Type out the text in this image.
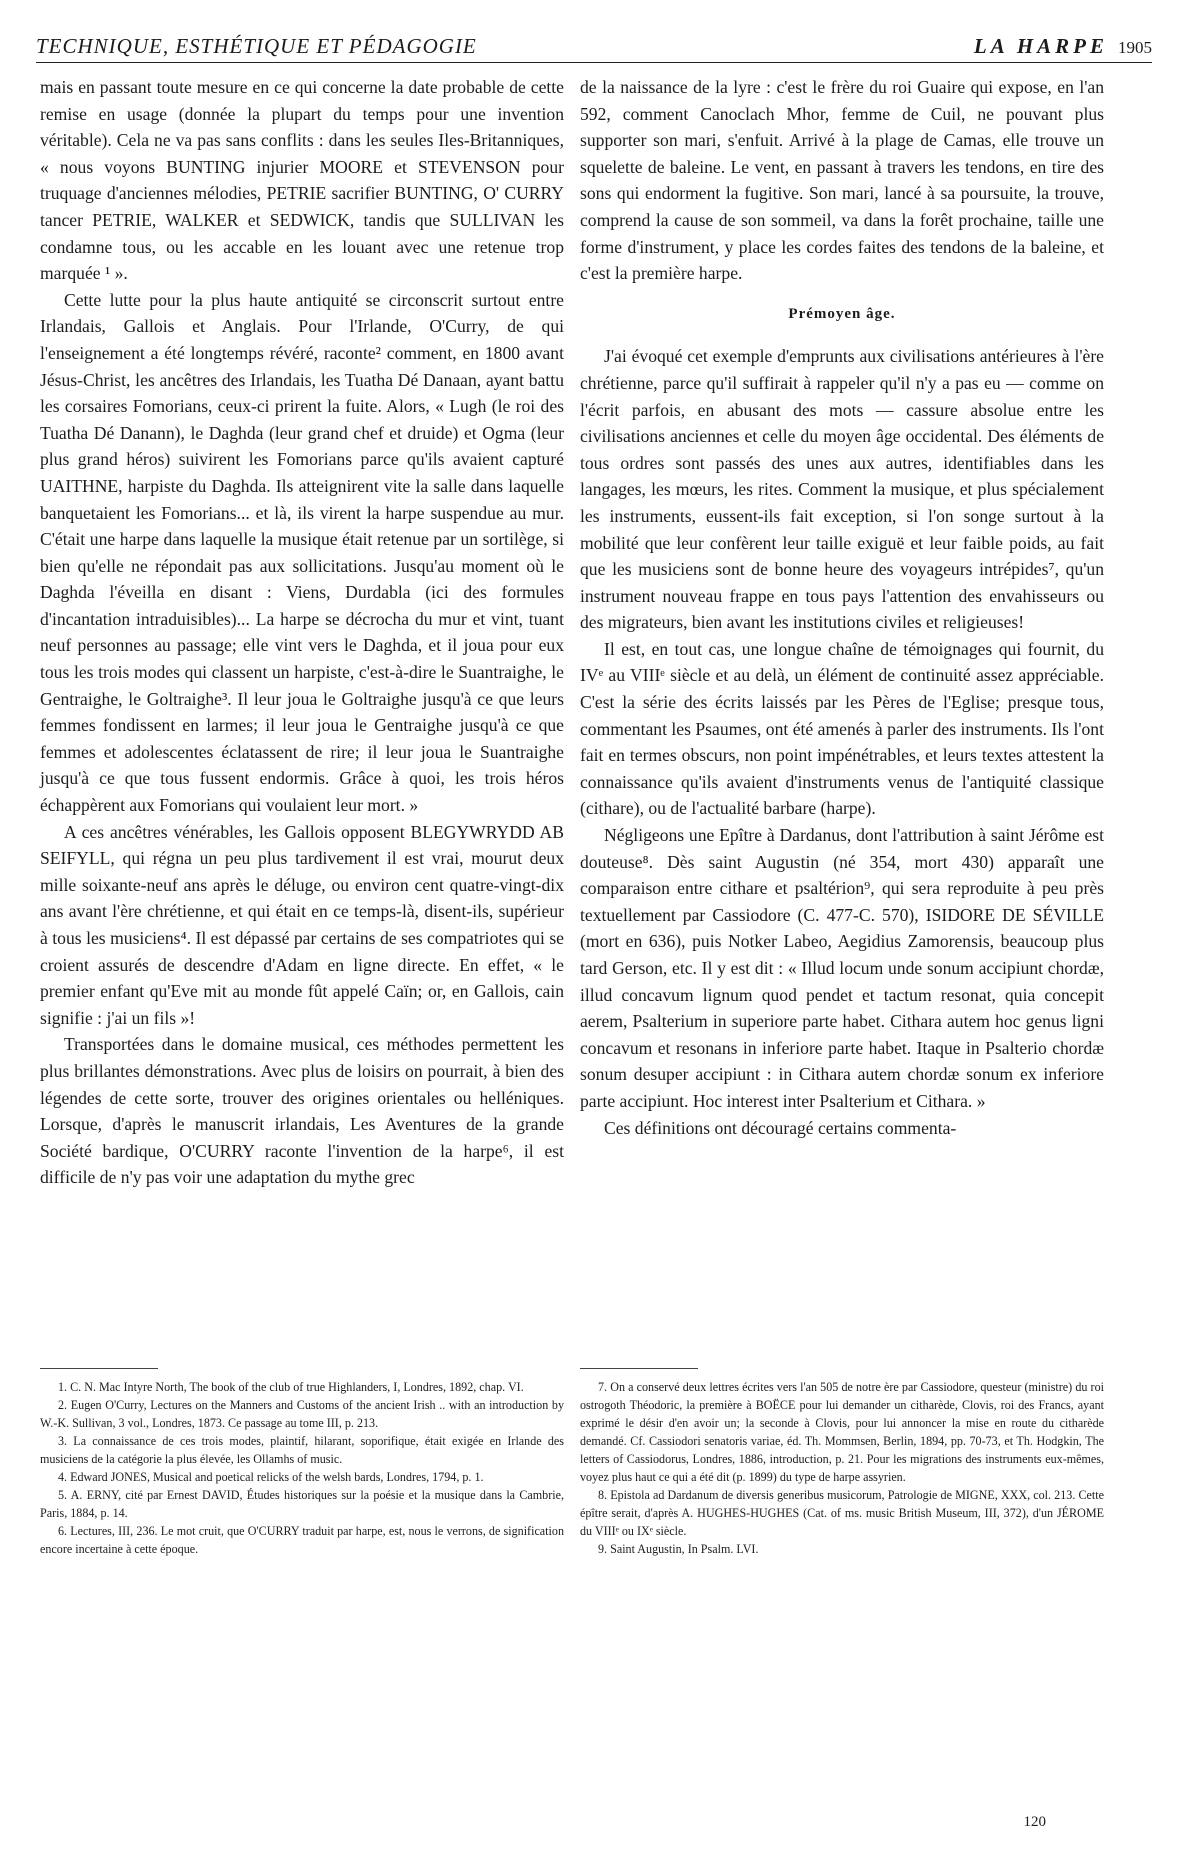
TECHNIQUE, ESTHÉTIQUE ET PÉDAGOGIE	LA HARPE 1905

mais en passant toute mesure en ce qui concerne la date probable de cette remise en usage (donnée la plupart du temps pour une invention véritable). Cela ne va pas sans conflits : dans les seules Iles-Britanniques, « nous voyons BUNTING injurier MOORE et STEVENSON pour truquage d'anciennes mélodies, PETRIE sacrifier BUNTING, O' CURRY tancer PETRIE, WALKER et SEDWICK, tandis que SULLIVAN les condamne tous, ou les accable en les louant avec une retenue trop marquée ¹ ».

Cette lutte pour la plus haute antiquité se circonscrit surtout entre Irlandais, Gallois et Anglais. Pour l'Irlande, O'Curry, de qui l'enseignement a été longtemps révéré, raconte² comment, en 1800 avant Jésus-Christ, les ancêtres des Irlandais, les Tuatha Dé Danaan, ayant battu les corsaires Fomorians, ceux-ci prirent la fuite. Alors, « Lugh (le roi des Tuatha Dé Danann), le Daghda (leur grand chef et druide) et Ogma (leur plus grand héros) suivirent les Fomorians parce qu'ils avaient capturé UAITHNE, harpiste du Daghda. Ils atteignirent vite la salle dans laquelle banquetaient les Fomorians... et là, ils virent la harpe suspendue au mur. C'était une harpe dans laquelle la musique était retenue par un sortilège, si bien qu'elle ne répondait pas aux sollicitations. Jusqu'au moment où le Daghda l'éveilla en disant : Viens, Durdabla (ici des formules d'incantation intraduisibles)... La harpe se décrocha du mur et vint, tuant neuf personnes au passage; elle vint vers le Daghda, et il joua pour eux tous les trois modes qui classent un harpiste, c'est-à-dire le Suantraighe, le Gentraighe, le Goltraighe³. Il leur joua le Goltraighe jusqu'à ce que leurs femmes fondissent en larmes; il leur joua le Gentraighe jusqu'à ce que femmes et adolescentes éclatassent de rire; il leur joua le Suantraighe jusqu'à ce que tous fussent endormis. Grâce à quoi, les trois héros échappèrent aux Fomorians qui voulaient leur mort. »

A ces ancêtres vénérables, les Gallois opposent BLEGYWRYDD AB SEIFYLL, qui régna un peu plus tardivement il est vrai, mourut deux mille soixante-neuf ans après le déluge, ou environ cent quatre-vingt-dix ans avant l'ère chrétienne, et qui était en ce temps-là, disent-ils, supérieur à tous les musiciens⁴. Il est dépassé par certains de ses compatriotes qui se croient assurés de descendre d'Adam en ligne directe. En effet, « le premier enfant qu'Eve mit au monde fût appelé Caïn; or, en Gallois, cain signifie : j'ai un fils »!

Transportées dans le domaine musical, ces méthodes permettent les plus brillantes démonstrations. Avec plus de loisirs on pourrait, à bien des légendes de cette sorte, trouver des origines orientales ou helléniques. Lorsque, d'après le manuscrit irlandais, Les Aventures de la grande Société bardique, O'CURRY raconte l'invention de la harpe⁶, il est difficile de n'y pas voir une adaptation du mythe grec

de la naissance de la lyre : c'est le frère du roi Guaire qui expose, en l'an 592, comment Canoclach Mhor, femme de Cuil, ne pouvant plus supporter son mari, s'enfuit. Arrivé à la plage de Camas, elle trouve un squelette de baleine. Le vent, en passant à travers les tendons, en tire des sons qui endorment la fugitive. Son mari, lancé à sa poursuite, la trouve, comprend la cause de son sommeil, va dans la forêt prochaine, taille une forme d'instrument, y place les cordes faites des tendons de la baleine, et c'est la première harpe.

Prémoyen âge.

J'ai évoqué cet exemple d'emprunts aux civilisations antérieures à l'ère chrétienne, parce qu'il suffirait à rappeler qu'il n'y a pas eu — comme on l'écrit parfois, en abusant des mots — cassure absolue entre les civilisations anciennes et celle du moyen âge occidental. Des éléments de tous ordres sont passés des unes aux autres, identifiables dans les langages, les mœurs, les rites. Comment la musique, et plus spécialement les instruments, eussent-ils fait exception, si l'on songe surtout à la mobilité que leur confèrent leur taille exiguë et leur faible poids, au fait que les musiciens sont de bonne heure des voyageurs intrépides⁷, qu'un instrument nouveau frappe en tous pays l'attention des envahisseurs ou des migrateurs, bien avant les institutions civiles et religieuses!

Il est, en tout cas, une longue chaîne de témoignages qui fournit, du IVᵉ au VIIIᵉ siècle et au delà, un élément de continuité assez appréciable. C'est la série des écrits laissés par les Pères de l'Eglise; presque tous, commentant les Psaumes, ont été amenés à parler des instruments. Ils l'ont fait en termes obscurs, non point impénétrables, et leurs textes attestent la connaissance qu'ils avaient d'instruments venus de l'antiquité classique (cithare), ou de l'actualité barbare (harpe).

Négligeons une Epître à Dardanus, dont l'attribution à saint Jérôme est douteuse⁸. Dès saint Augustin (né 354, mort 430) apparaît une comparaison entre cithare et psaltérion⁹, qui sera reproduite à peu près textuellement par Cassiodore (C. 477-C. 570), ISIDORE DE SÉVILLE (mort en 636), puis Notker Labeo, Aegidius Zamorensis, beaucoup plus tard Gerson, etc. Il y est dit : « Illud locum unde sonum accipiunt chordæ, illud concavum lignum quod pendet et tactum resonat, quia concepit aerem, Psalterium in superiore parte habet. Cithara autem hoc genus ligni concavum et resonans in inferiore parte habet. Itaque in Psalterio chordæ sonum desuper accipiunt : in Cithara autem chordæ sonum ex inferiore parte accipiunt. Hoc interest inter Psalterium et Cithara. »

Ces définitions ont découragé certains commenta-

1. C. N. Mac Intyre North, The book of the club of true Highlanders, I, Londres, 1892, chap. VI.

2. Eugen O'Curry, Lectures on the Manners and Customs of the ancient Irish .. with an introduction by W.-K. Sullivan, 3 vol., Londres, 1873. Ce passage au tome III, p. 213.

3. La connaissance de ces trois modes, plaintif, hilarant, soporifique, était exigée en Irlande des musiciens de la catégorie la plus élevée, les Ollamhs of music.

4. Edward JONES, Musical and poetical relicks of the welsh bards, Londres, 1794, p. 1.

5. A. ERNY, cité par Ernest DAVID, Études historiques sur la poésie et la musique dans la Cambrie, Paris, 1884, p. 14.

6. Lectures, III, 236. Le mot cruit, que O'CURRY traduit par harpe, est, nous le verrons, de signification encore incertaine à cette époque.

7. On a conservé deux lettres écrites vers l'an 505 de notre ère par Cassiodore, questeur (ministre) du roi ostrogoth Théodoric, la première à BOËCE pour lui demander un citharède, Clovis, roi des Francs, ayant exprimé le désir d'en avoir un; la seconde à Clovis, pour lui annoncer la mise en route du citharède demandé. Cf. Cassiodori senatoris variae, éd. Th. Mommsen, Berlin, 1894, pp. 70-73, et Th. Hodgkin, The letters of Cassiodorus, Londres, 1886, introduction, p. 21. Pour les migrations des instruments eux-mêmes, voyez plus haut ce qui a été dit (p. 1899) du type de harpe assyrien.

8. Epistola ad Dardanum de diversis generibus musicorum, Patrologie de MIGNE, XXX, col. 213. Cette épître serait, d'après A. HUGHES-HUGHES (Cat. of ms. music British Museum, III, 372), d'un JÉROME du VIIIᵉ ou IXᵉ siècle.

9. Saint Augustin, In Psalm. LVI.

120
